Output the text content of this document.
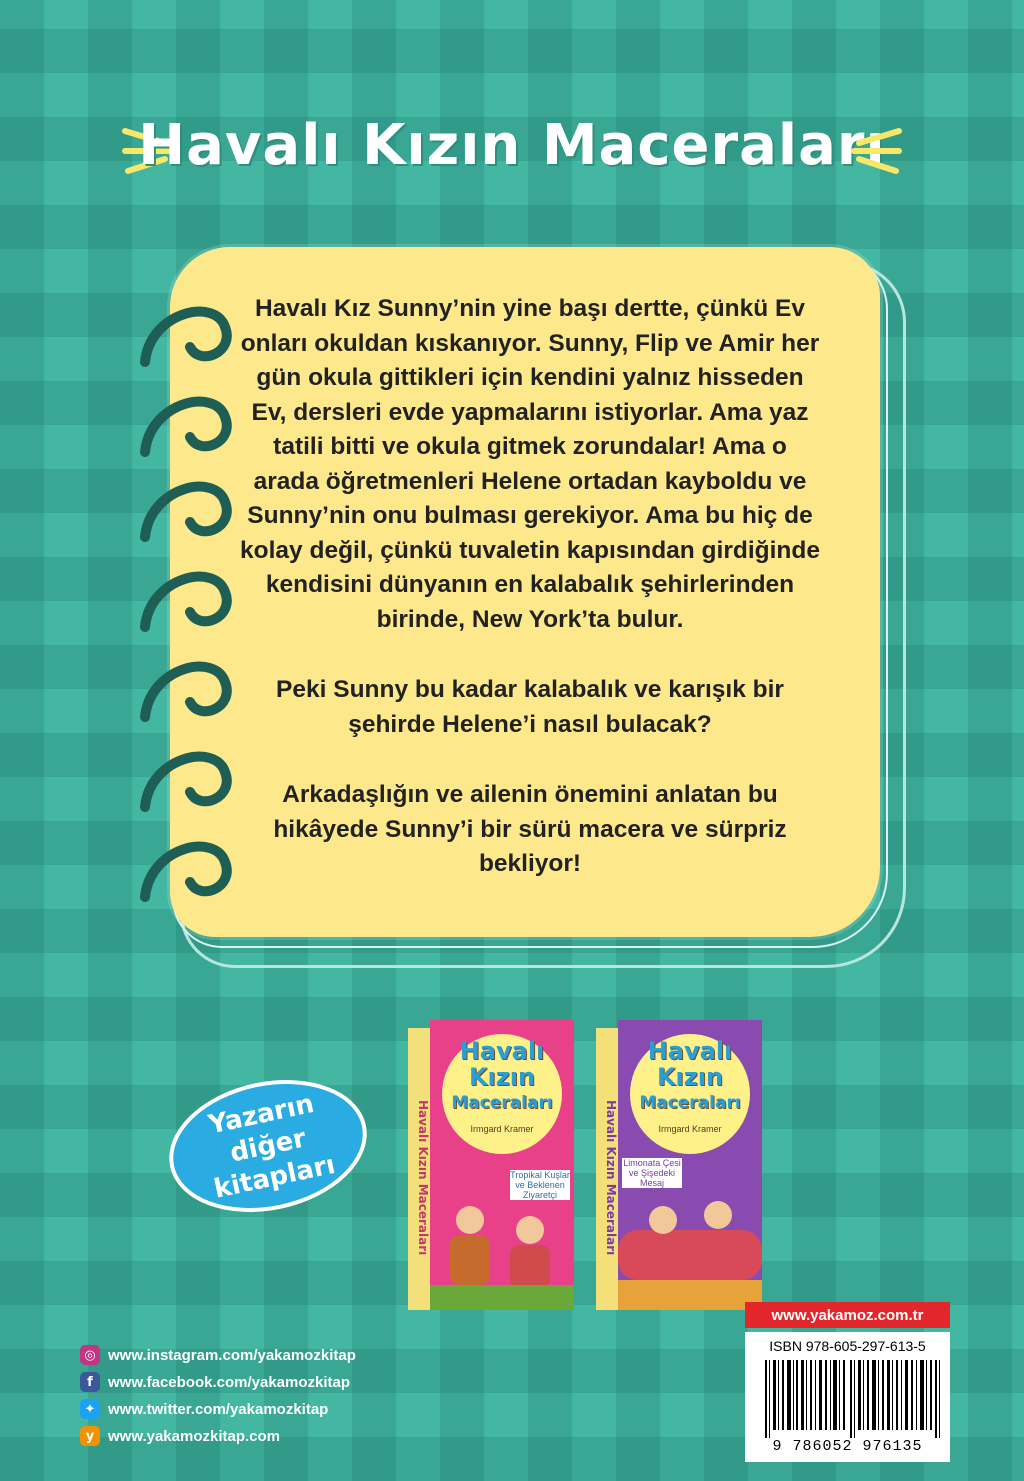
Havalı Kızın Maceraları

Havalı Kız Sunny’nin yine başı dertte, çünkü Ev onları okuldan kıskanıyor. Sunny, Flip ve Amir her gün okula gittikleri için kendini yalnız hisseden Ev, dersleri evde yapmalarını istiyorlar. Ama yaz tatili bitti ve okula gitmek zorundalar! Ama o arada öğretmenleri Helene ortadan kayboldu ve Sunny’nin onu bulması gerekiyor. Ama bu hiç de kolay değil, çünkü tuvaletin kapısından girdiğinde kendisini dünyanın en kalabalık şehirlerinden birinde, New York’ta bulur.

Peki Sunny bu kadar kalabalık ve karışık bir şehirde Helene’i nasıl bulacak?

Arkadaşlığın ve ailenin önemini anlatan bu hikâyede Sunny’i bir sürü macera ve sürpriz bekliyor!

Yazarın diğer kitapları	Havalı Kızın Maceraları
Havalı
Kızın
Maceraları
Irmgard Kramer
Tropikal Kuşlar ve Beklenen Ziyaretçi	Havalı Kızın Maceraları
Havalı
Kızın
Maceraları
Irmgard Kramer
Limonata Çesi ve Şişedeki Mesaj
◎ www.instagram.com/yakamozkitap
f	www.facebook.com/yakamozkitap
✦ www.twitter.com/yakamozkitap
y www.yakamozkitap.com
www.yakamoz.com.tr
ISBN 978-605-297-613-5
9 786052 976135
